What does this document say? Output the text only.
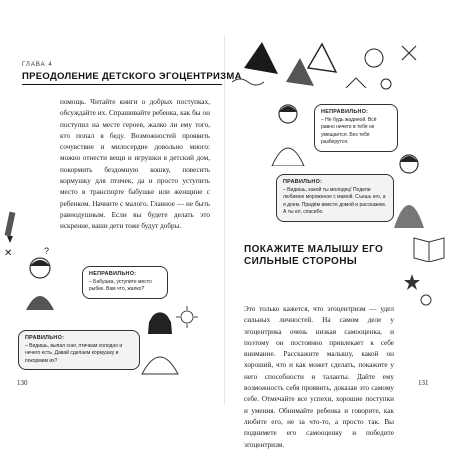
ГЛАВА 4
ПРЕОДОЛЕНИЕ ДЕТСКОГО ЭГОЦЕНТРИЗМА
помощь. Читайте книги о добрых поступках, обсуждайте их. Спрашивайте ребенка, как бы он поступил на месте героев, жалко ли ему того, кто попал в беду. Возможностей проявить сочувствие и милосердие довольно много: можно отнести вещи и игрушки в детский дом, покормить бездомную кошку, повесить кормушку для птичек, да и просто уступить место в транспорте бабушке или женщине с ребенком. Начните с малого. Главное — не быть равнодушным. Если вы будете делать это искренне, ваши дети тоже будут добры.
?
НЕПРАВИЛЬНО:
– Бабушка, уступите место рыбке. Вам что, жалко?
ПРАВИЛЬНО:
– Видишь, выпал снег, птичкам холодно и нечего есть. Давай сделаем кормушку и покормим их?
✕
130
НЕПРАВИЛЬНО:
– Не будь жадиной. Всё равно ничего в тебя не умещается. Без тебя разберутся.
ПРАВИЛЬНО:
– Видишь, какой ты молодец! Подели любимое мороженое с мамой. Съешь его, а я доем. Придём вместе домой и расскажем. А ты ел, спасибо.
ПОКАЖИТЕ МАЛЫШУ ЕГО СИЛЬНЫЕ СТОРОНЫ
Это только кажется, что эгоцентризм — удел сильных личностей. На самом деле у эгоцентрика очень низкая самооценка, и поэтому он постоянно привлекает к себе внимание. Расскажите малышу, какой он хороший, что и как может сделать, покажите у него способности и таланты. Дайте ему возможность себя проявить, доказав это самому себе. Отмечайте все успехи, хорошие поступки и умения. Обнимайте ребенка и говорите, как любите его, не за что-то, а просто так. Вы поднимете его самооценку и победите эгоцентризм.
131
